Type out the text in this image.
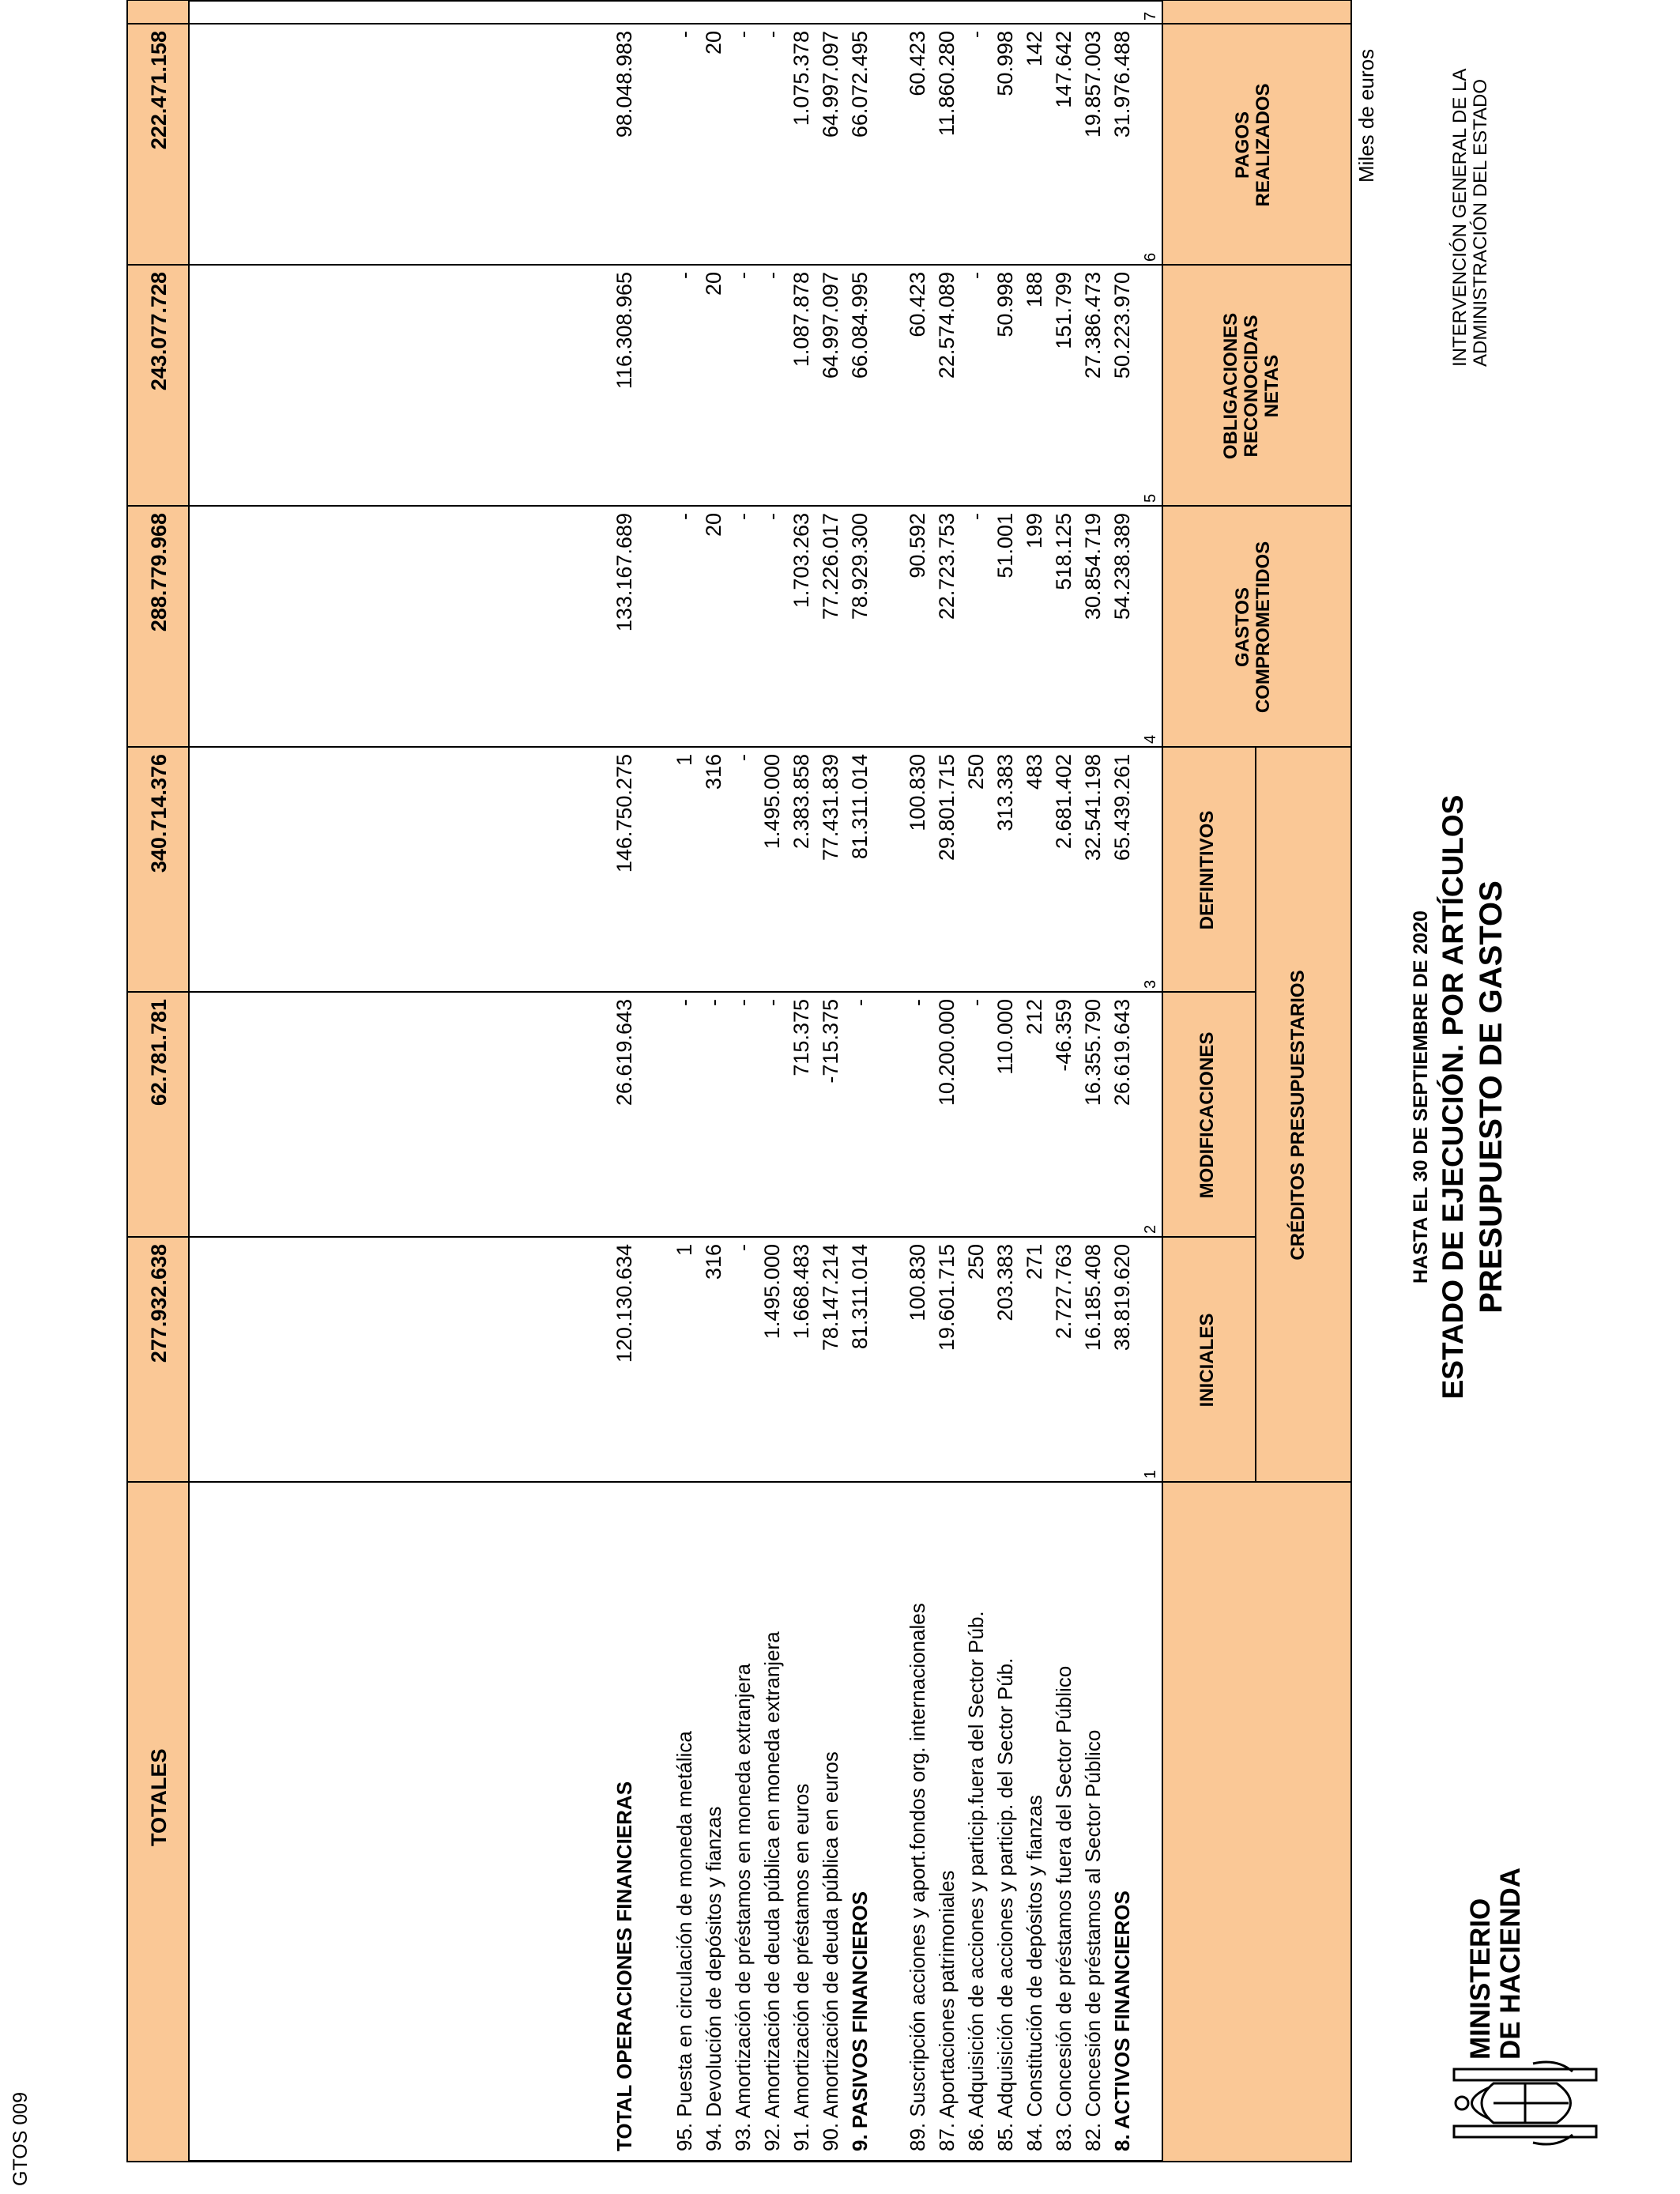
MINISTERIO DE HACIENDA
PRESUPUESTO DE GASTOS
ESTADO DE EJECUCIÓN. POR ARTÍCULOS
HASTA EL 30 DE SEPTIEMBRE DE 2020
INTERVENCIÓN GENERAL DE LA ADMINISTRACIÓN DEL ESTADO
Miles de euros
GTOS 009
CRÉDITOS PRESUPUESTARIOS
INICIALES
MODIFICACIONES
DEFINITIVOS
GASTOS COMPROMETIDOS
OBLIGACIONES RECONOCIDAS NETAS
PAGOS REALIZADOS
1
2
3
4
5
6
7
8. ACTIVOS FINANCIEROS
38.819.620
26.619.643
65.439.261
54.238.389
50.223.970
31.976.488
82. Concesión de préstamos al Sector Público
16.185.408
16.355.790
32.541.198
30.854.719
27.386.473
19.857.003
83. Concesión de préstamos fuera del Sector Público
2.727.763
-46.359
2.681.402
518.125
151.799
147.642
84. Constitución de depósitos y fianzas
271
212
483
199
188
142
85. Adquisición de acciones y particip. del Sector Púb.
203.383
110.000
313.383
51.001
50.998
50.998
86. Adquisición de acciones y particip.fuera del Sector Púb.
250
-
250
-
-
-
87. Aportaciones patrimoniales
19.601.715
10.200.000
29.801.715
22.723.753
22.574.089
11.860.280
89. Suscripción acciones y aport.fondos org. internacionales
100.830
-
100.830
90.592
60.423
60.423
9. PASIVOS FINANCIEROS
81.311.014
-
81.311.014
78.929.300
66.084.995
66.072.495
90. Amortización de deuda pública en euros
78.147.214
-715.375
77.431.839
77.226.017
64.997.097
64.997.097
91. Amortización de préstamos en euros
1.668.483
715.375
2.383.858
1.703.263
1.087.878
1.075.378
92. Amortización de deuda pública en moneda extranjera
1.495.000
-
1.495.000
-
-
-
93. Amortización de préstamos en moneda extranjera
-
-
-
-
-
-
94. Devolución de depósitos y fianzas
316
-
316
20
20
20
95. Puesta en circulación de moneda metálica
1
-
1
-
-
-
TOTAL OPERACIONES FINANCIERAS
120.130.634
26.619.643
146.750.275
133.167.689
116.308.965
98.048.983
TOTALES
277.932.638
62.781.781
340.714.376
288.779.968
243.077.728
222.471.158
